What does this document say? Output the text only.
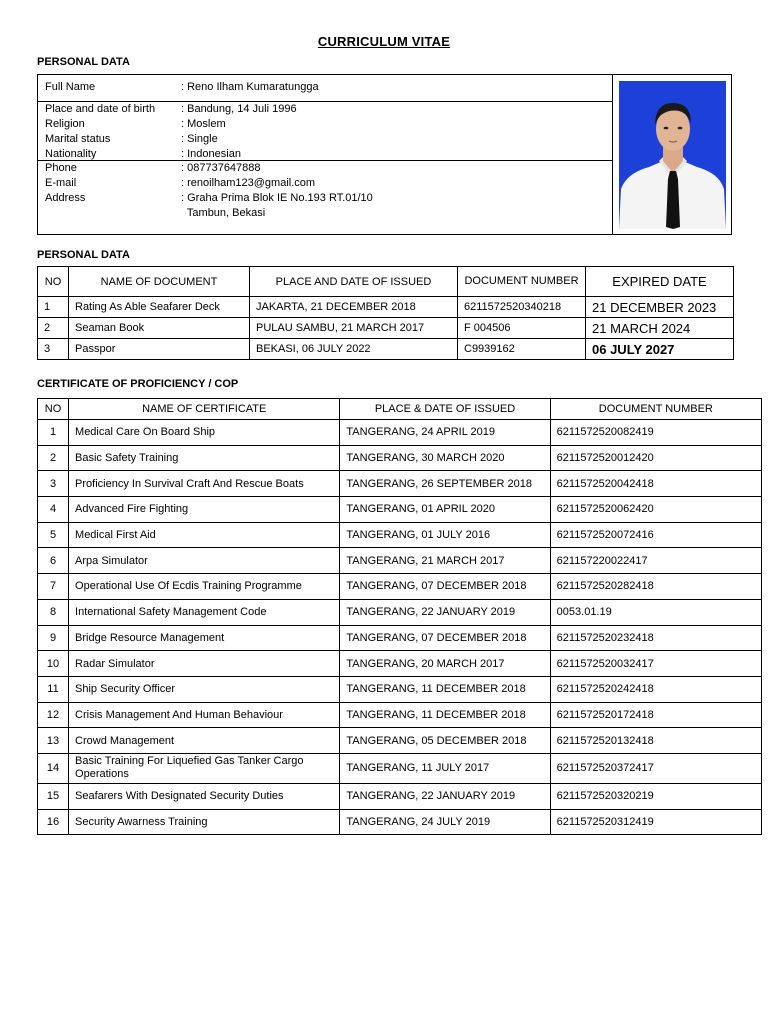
CURRICULUM VITAE
PERSONAL DATA
Full Name	: Reno Ilham Kumaratungga
Place and date of birth : Bandung, 14 Juli 1996
Religion	: Moslem
Marital status	: Single
Nationality	: Indonesian
Phone	: 087737647888
E-mail	: renoilham123@gmail.com
Address	: Graha Prima Blok IE No.193 RT.01/10
Tambun, Bekasi
PERSONAL DATA
NO	NAME OF DOCUMENT	PLACE AND DATE OF ISSUED	DOCUMENT NUMBER	EXPIRED DATE
1	Rating As Able Seafarer Deck	JAKARTA, 21 DECEMBER 2018	6211572520340218	21 DECEMBER 2023
2	Seaman Book	PULAU SAMBU, 21 MARCH 2017	F 004506	21 MARCH 2024
3	Passpor	BEKASI, 06 JULY 2022	C9939162	06 JULY 2027
CERTIFICATE OF PROFICIENCY / COP
NO	NAME OF CERTIFICATE	PLACE & DATE OF ISSUED	DOCUMENT NUMBER
1	Medical Care On Board Ship	TANGERANG, 24 APRIL 2019	6211572520082419
2	Basic Safety Training	TANGERANG, 30 MARCH 2020	6211572520012420
3	Proficiency In Survival Craft And Rescue Boats	TANGERANG, 26 SEPTEMBER 2018	6211572520042418
4	Advanced Fire Fighting	TANGERANG, 01 APRIL 2020	6211572520062420
5	Medical First Aid	TANGERANG, 01 JULY 2016	6211572520072416
6	Arpa Simulator	TANGERANG, 21 MARCH 2017	621157220022417
7	Operational Use Of Ecdis Training Programme	TANGERANG, 07 DECEMBER 2018	6211572520282418
8	International Safety Management Code	TANGERANG, 22 JANUARY 2019	0053.01.19
9	Bridge Resource Management	TANGERANG, 07 DECEMBER 2018	6211572520232418
10	Radar Simulator	TANGERANG, 20 MARCH 2017	6211572520032417
11	Ship Security Officer	TANGERANG, 11 DECEMBER 2018	6211572520242418
12	Crisis Management And Human Behaviour	TANGERANG, 11 DECEMBER 2018	6211572520172418
13	Crowd Management	TANGERANG, 05 DECEMBER 2018	6211572520132418
14	Basic Training For Liquefied Gas Tanker Cargo Operations	TANGERANG, 11 JULY 2017	6211572520372417
15	Seafarers With Designated Security Duties	TANGERANG, 22 JANUARY 2019	6211572520320219
16	Security Awarness Training	TANGERANG, 24 JULY 2019	6211572520312419
